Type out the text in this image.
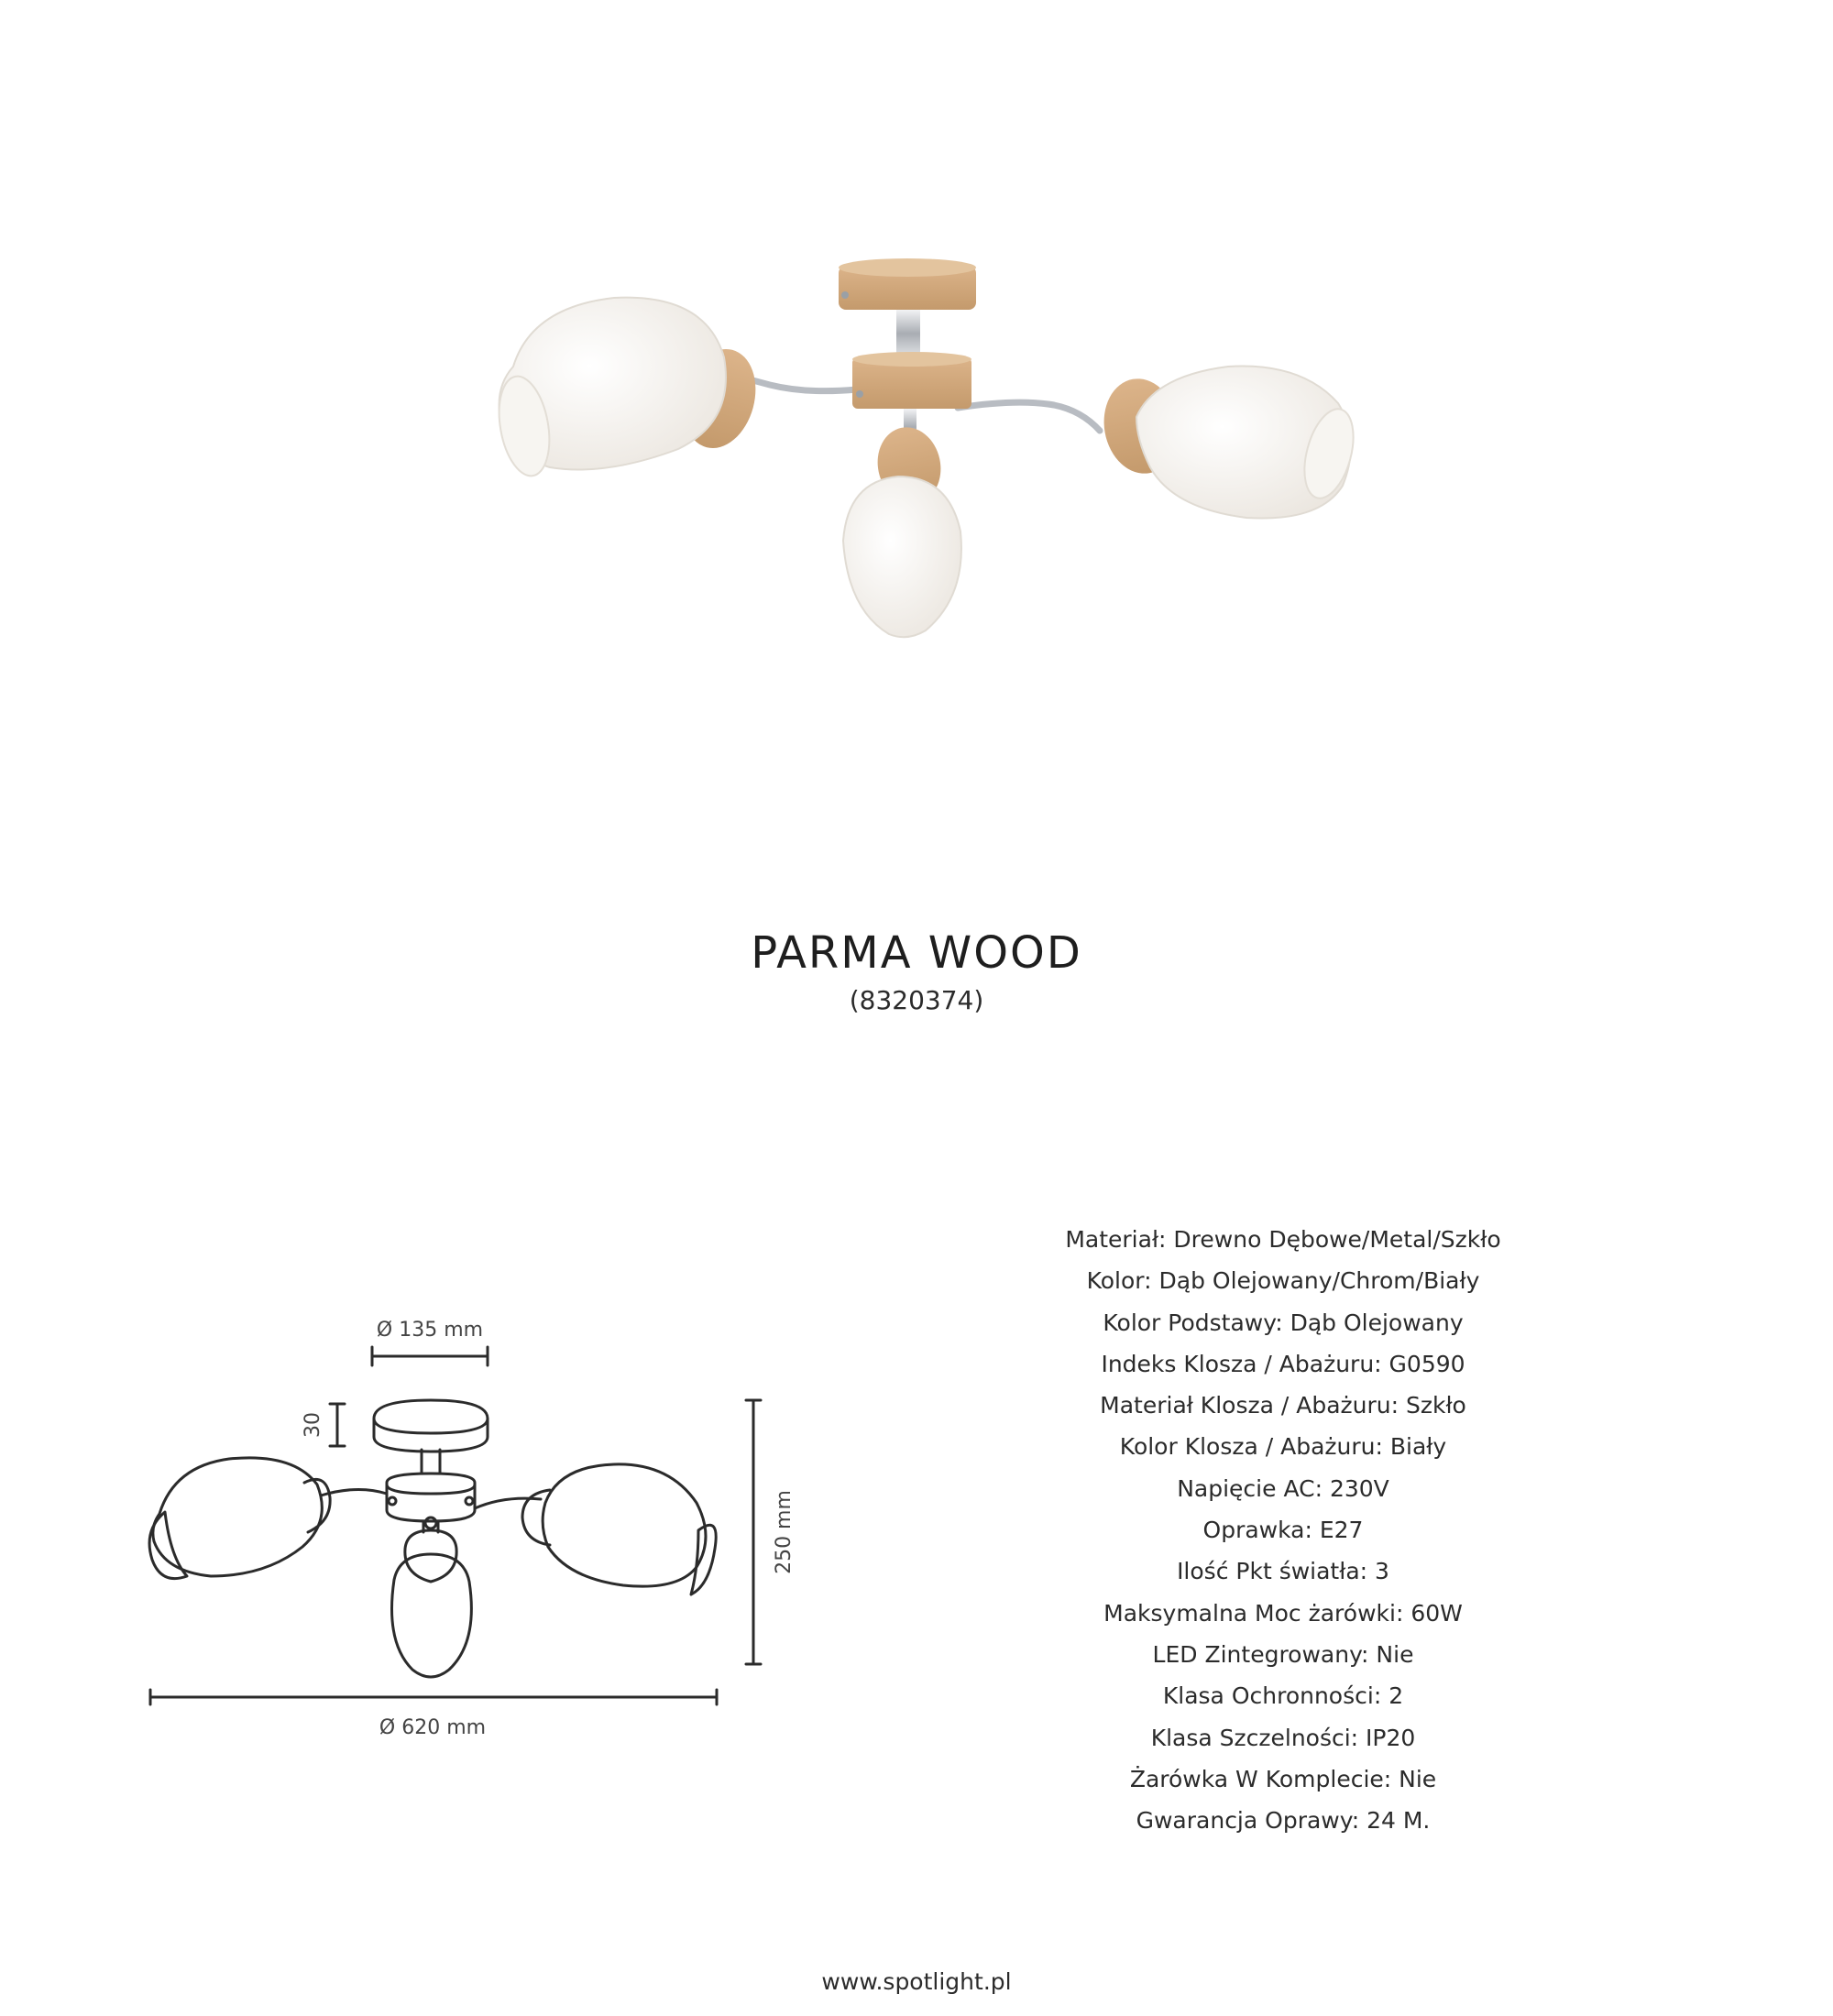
PARMA WOOD
(8320374)
Ø 135 mm
30
250 mm
Ø 620 mm
Materiał: Drewno Dębowe/Metal/Szkło
Kolor: Dąb Olejowany/Chrom/Biały
Kolor Podstawy: Dąb Olejowany
Indeks Klosza / Abażuru: G0590
Materiał Klosza / Abażuru: Szkło
Kolor Klosza / Abażuru: Biały
Napięcie AC: 230V
Oprawka: E27
Ilość Pkt światła: 3
Maksymalna Moc żarówki: 60W
LED Zintegrowany: Nie
Klasa Ochronności: 2
Klasa Szczelności: IP20
Żarówka W Komplecie: Nie
Gwarancja Oprawy: 24 M.
www.spotlight.pl
